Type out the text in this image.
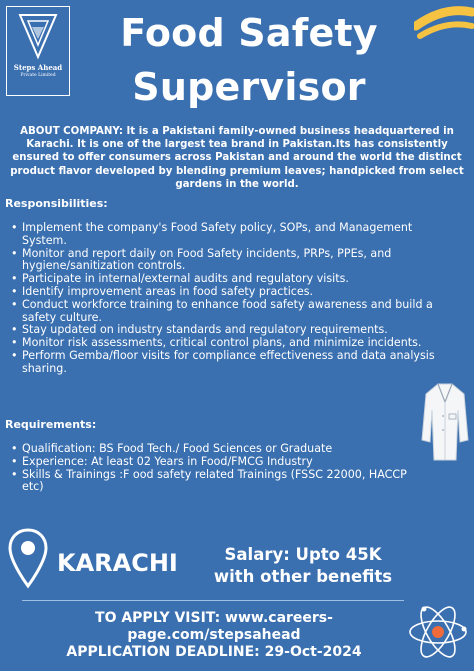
Steps Ahead
Private Limited
Food Safety
Supervisor
ABOUT COMPANY: It is a Pakistani family-owned business headquartered in Karachi. It is one of the largest tea brand in Pakistan.Its has consistently ensured to offer consumers across Pakistan and around the world the distinct product flavor developed by blending premium leaves; handpicked from select gardens in the world.
Responsibilities:
• Implement the company's Food Safety policy, SOPs, and Management System.
• Monitor and report daily on Food Safety incidents, PRPs, PPEs, and hygiene/sanitization controls.
• Participate in internal/external audits and regulatory visits.
• Identify improvement areas in food safety practices.
• Conduct workforce training to enhance food safety awareness and build a safety culture.
• Stay updated on industry standards and regulatory requirements.
• Monitor risk assessments, critical control plans, and minimize incidents.
• Perform Gemba/floor visits for compliance effectiveness and data analysis sharing.
Requirements:
• Qualification: BS Food Tech./ Food Sciences or Graduate
• Experience: At least 02 Years in Food/FMCG Industry
• Skills & Trainings :F ood safety related Trainings (FSSC 22000, HACCP etc)
KARACHI	Salary: Upto 45K with other benefits
TO APPLY VISIT: www.careers-
page.com/stepsahead
APPLICATION DEADLINE: 29-Oct-2024
